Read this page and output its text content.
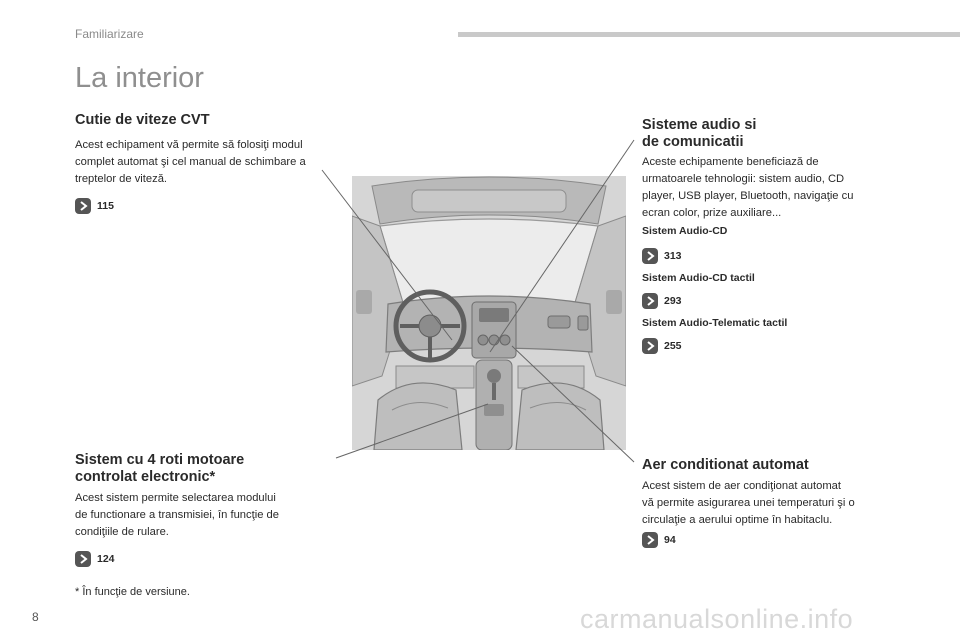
Familiarizare
La interior
Cutie de viteze CVT

Acest echipament vă permite să folosiţi modul
complet automat şi cel manual de schimbare a
treptelor de viteză.

115
Sisteme audio si
de comunicatii

Aceste echipamente beneficiază de
urmatoarele tehnologii: sistem audio, CD
player, USB player, Bluetooth, navigaţie cu
ecran color, prize auxiliare...

Sistem Audio-CD
313
Sistem Audio-CD tactil
293
Sistem Audio-Telematic tactil
255
Sistem cu 4 roti motoare
controlat electronic*

Acest sistem permite selectarea modului
de functionare a transmisiei, în funcţie de
condiţiile de rulare.

124
Aer conditionat automat

Acest sistem de aer condiţionat automat
vă permite asigurarea unei temperaturi şi o
circulaţie a aerului optime în habitaclu.

94
* În funcţie de versiune.
8	carmanualsonline.info
